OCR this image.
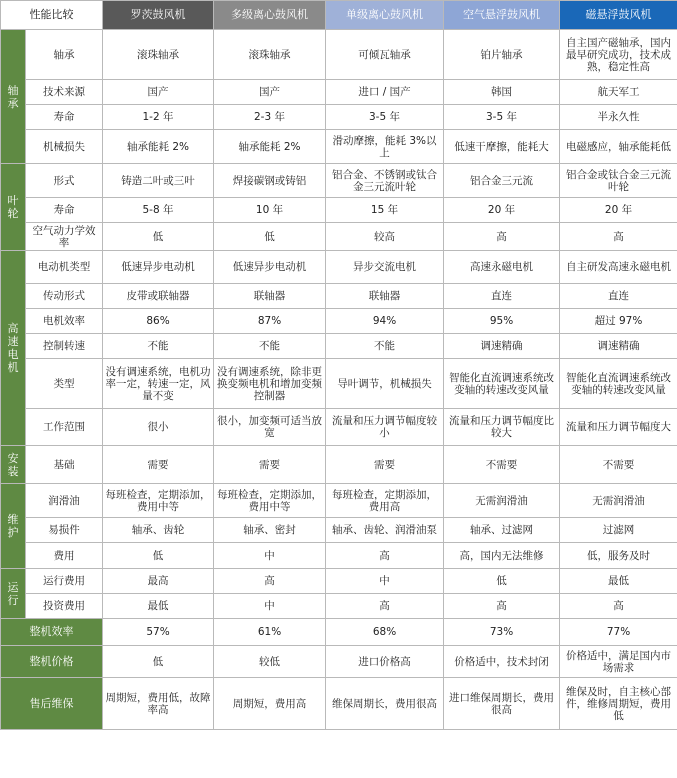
性能比较		罗茨鼓风机	多级离心鼓风机	单级离心鼓风机	空气悬浮鼓风机	磁悬浮鼓风机
轴承	轴承	滚珠轴承	滚珠轴承	可倾瓦轴承	铂片轴承	自主国产磁轴承，国内最早研究成功，技术成熟，稳定性高
	技术来源	国产	国产	进口 / 国产	韩国	航天军工
	寿命	1-2 年	2-3 年	3-5 年	3-5 年	半永久性
	机械损失	轴承能耗 2%	轴承能耗 2%	滑动摩擦，能耗 3%以上	低速干摩擦，能耗大	电磁感应，轴承能耗低
叶轮	形式	铸造二叶或三叶	焊接碳钢或铸铝	铝合金、不锈钢或钛合金三元流叶轮	铝合金三元流	铝合金或钛合金三元流叶轮
	寿命	5-8 年	10 年	15 年	20 年	20 年
	空气动力学效率	低	低	较高	高	高
高速电机	电动机类型	低速异步电动机	低速异步电动机	异步交流电机	高速永磁电机	自主研发高速永磁电机
	传动形式	皮带或联轴器	联轴器	联轴器	直连	直连
	电机效率	86%	87%	94%	95%	超过 97%
	控制转速	不能	不能	不能	调速精确	调速精确
	类型	没有调速系统，电机功率一定，转速一定，风量不变	没有调速系统，除非更换变频电机和增加变频控制器	导叶调节，机械损失	智能化直流调速系统改变轴的转速改变风量	智能化直流调速系统改变轴的转速改变风量
	工作范围	很小	很小，加变频可适当放宽	流量和压力调节幅度较小	流量和压力调节幅度比较大	流量和压力调节幅度大
安装	基础	需要	需要	需要	不需要	不需要
维护	润滑油	每班检查，定期添加，费用中等	每班检查，定期添加，费用中等	每班检查，定期添加，费用高	无需润滑油	无需润滑油
	易损件	轴承、齿轮	轴承、密封	轴承、齿轮、润滑油泵	轴承、过滤网	过滤网
	费用	低	中	高	高，国内无法维修	低，服务及时
运行	运行费用	最高	高	中	低	最低
	投资费用	最低	中	高	高	高
整机效率		57%	61%	68%	73%	77%
整机价格		低	较低	进口价格高	价格适中，技术封闭	价格适中，满足国内市场需求
售后维保		周期短，费用低，故障率高	周期短，费用高	维保周期长，费用很高	进口维保周期长，费用很高	维保及时，自主核心部件，维修周期短，费用低
